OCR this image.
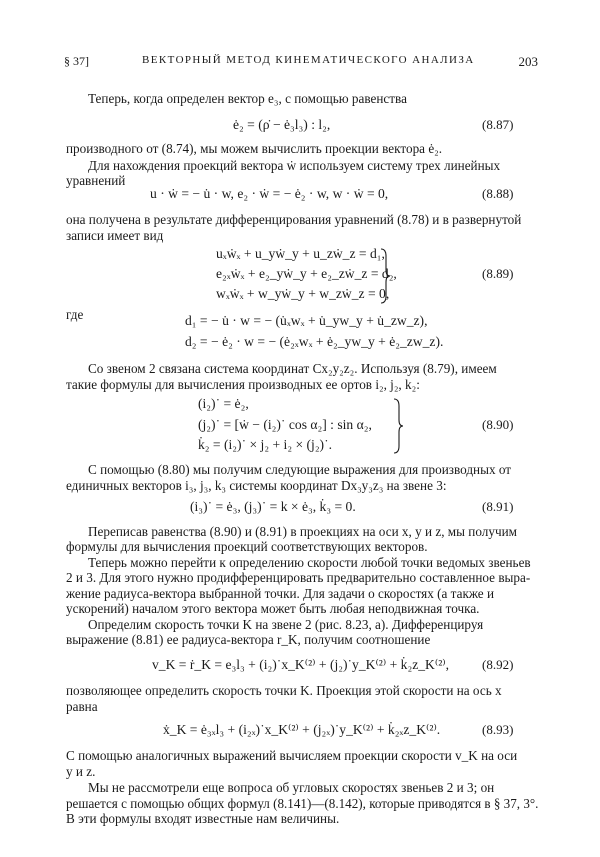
§ 37]	ВЕКТОРНЫЙ МЕТОД КИНЕМАТИЧЕСКОГО АНАЛИЗА	203
Теперь, когда определен вектор e₃, с помощью равенства
ė₂ = (ρ̇ − ė₃l₃) : l₂,	(8.87)
производного от (8.74), мы можем вычислить проекции вектора ė₂.
Для нахождения проекций вектора ẇ используем систему трех линейных
уравнений
u · ẇ = − u̇ · w, e₂ · ẇ = − ė₂ · w, w · ẇ = 0,	(8.88)
она получена в результате дифференцирования уравнений (8.78) и в развернутой
записи имеет вид
uₓẇₓ + u_yẇ_y + u_zẇ_z = d₁,
e₂ₓẇₓ + e₂_yẇ_y + e₂_zẇ_z = d₂,
wₓẇₓ + w_yẇ_y + w_zẇ_z = 0,
(8.89)
где	d₁ = − u̇ · w = − (u̇ₓwₓ + u̇_yw_y + u̇_zw_z),
d₂ = − ė₂ · w = − (ė₂ₓwₓ + ė₂_yw_y + ė₂_zw_z).
Со звеном 2 связана система координат Cx₂y₂z₂. Используя (8.79), имеем
такие формулы для вычисления производных ее ортов i₂, j₂, k₂:
(i₂)˙ = ė₂,
(j₂)˙ = [ẇ − (i₂)˙ cos α₂] : sin α₂,
k̇₂ = (i₂)˙ × j₂ + i₂ × (j₂)˙.
(8.90)
С помощью (8.80) мы получим следующие выражения для производных от
единичных векторов i₃, j₃, k₃ системы координат Dx₃y₃z₃ на звене 3:
(i₃)˙ = ė₃, (j₃)˙ = k × ė₃, k̇₃ = 0.	(8.91)
Переписав равенства (8.90) и (8.91) в проекциях на оси x, y и z, мы получим
формулы для вычисления проекций соответствующих векторов.
Теперь можно перейти к определению скорости любой точки ведомых звеньев
2 и 3. Для этого нужно продифференцировать предварительно составленное выра-
жение радиуса-вектора выбранной точки. Для задачи о скоростях (а также и
ускорений) началом этого вектора может быть любая неподвижная точка.
Определим скорость точки K на звене 2 (рис. 8.23, а). Дифференцируя
выражение (8.81) ее радиуса-вектора r_K, получим соотношение
v_K = ṙ_K = e₃l₃ + (i₂)˙x_K⁽²⁾ + (j₂)˙y_K⁽²⁾ + k̇₂z_K⁽²⁾,	(8.92)
позволяющее определить скорость точки K. Проекция этой скорости на ось x
равна
ẋ_K = ė₃ₓl₃ + (i₂ₓ)˙x_K⁽²⁾ + (j₂ₓ)˙y_K⁽²⁾ + k̇₂ₓz_K⁽²⁾.	(8.93)
С помощью аналогичных выражений вычисляем проекции скорости v_K на оси
y и z.
Мы не рассмотрели еще вопроса об угловых скоростях звеньев 2 и 3; он
решается с помощью общих формул (8.141)—(8.142), которые приводятся в § 37, 3°.
В эти формулы входят известные нам величины.
